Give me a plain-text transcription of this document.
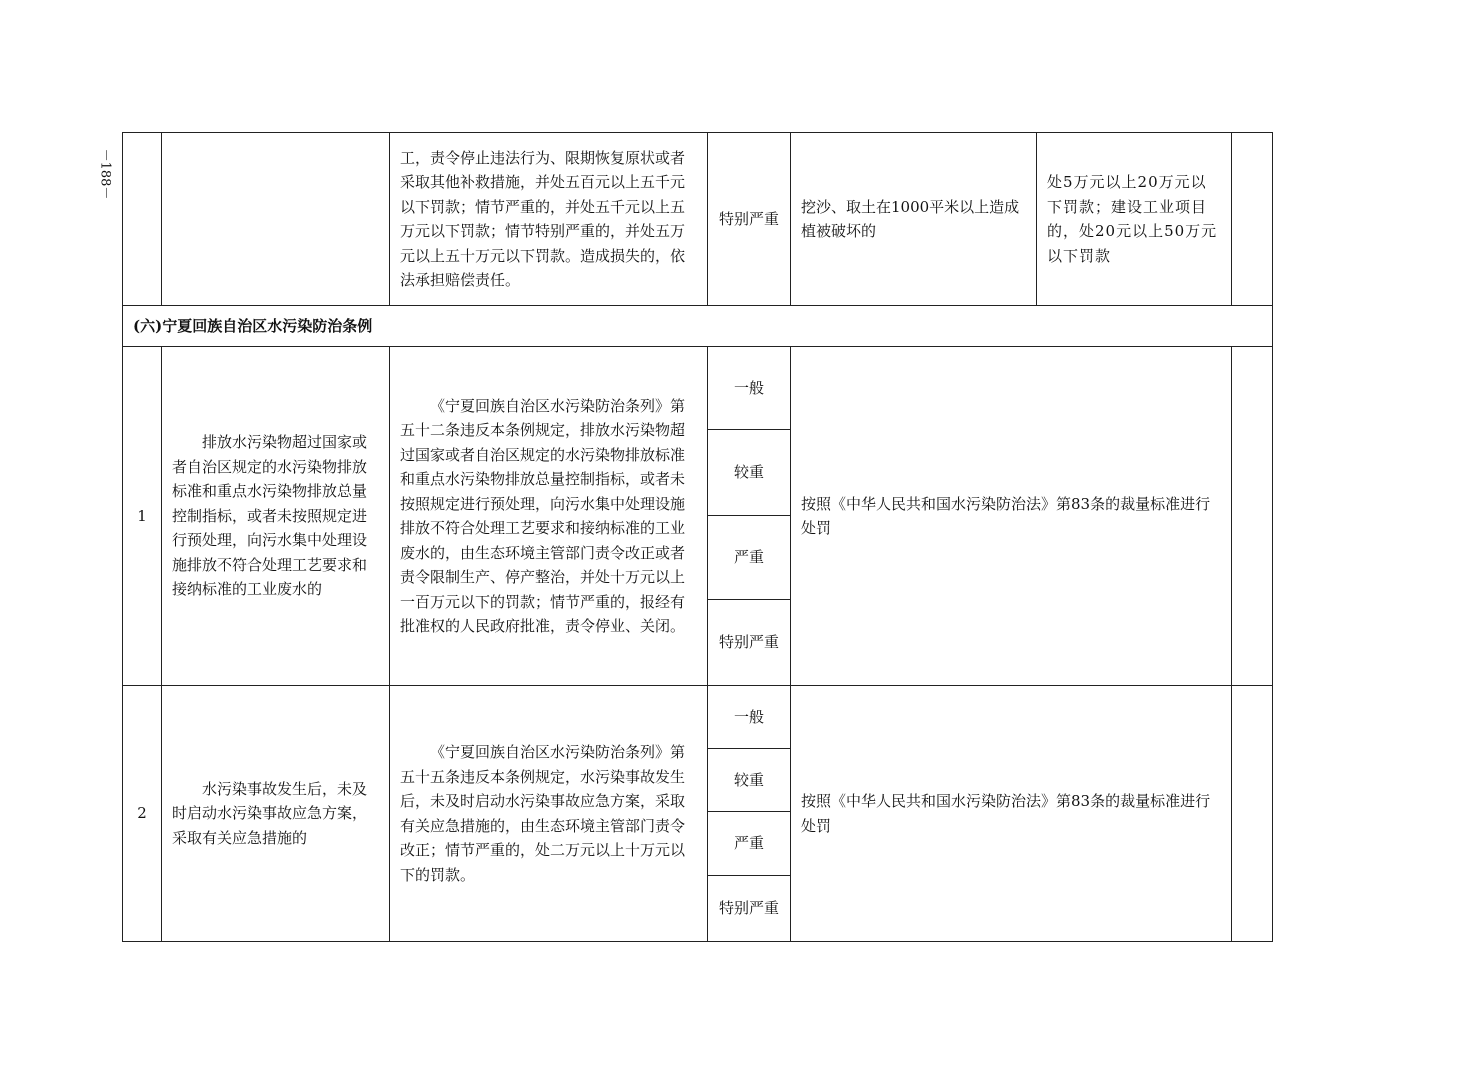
－188－
			工，责令停止违法行为、限期恢复原状或者采取其他补救措施，并处五百元以上五千元以下罚款；情节严重的，并处五千元以上五万元以下罚款；情节特别严重的，并处五万元以上五十万元以下罚款。造成损失的，依法承担赔偿责任。	特别严重	挖沙、取土在1000平米以上造成植被破坏的	处5万元以上20万元以下罚款；建设工业项目的，处20元以上50万元以下罚款	
(六)宁夏回族自治区水污染防治条例						
1	排放水污染物超过国家或者自治区规定的水污染物排放标准和重点水污染物排放总量控制指标，或者未按照规定进行预处理，向污水集中处理设施排放不符合处理工艺要求和接纳标准的工业废水的	《宁夏回族自治区水污染防治条列》第五十二条违反本条例规定，排放水污染物超过国家或者自治区规定的水污染物排放标准和重点水污染物排放总量控制指标，或者未按照规定进行预处理，向污水集中处理设施排放不符合处理工艺要求和接纳标准的工业废水的，由生态环境主管部门责令改正或者责令限制生产、停产整治，并处十万元以上一百万元以下的罚款；情节严重的，报经有批准权的人民政府批准，责令停业、关闭。	一般	按照《中华人民共和国水污染防治法》第83条的裁量标准进行处罚		
			较重			
			严重			
			特别严重			
2	水污染事故发生后，未及时启动水污染事故应急方案，采取有关应急措施的	《宁夏回族自治区水污染防治条列》第五十五条违反本条例规定，水污染事故发生后，未及时启动水污染事故应急方案，采取有关应急措施的，由生态环境主管部门责令改正；情节严重的，处二万元以上十万元以下的罚款。	一般	按照《中华人民共和国水污染防治法》第83条的裁量标准进行处罚		
			较重			
			严重			
			特别严重			
